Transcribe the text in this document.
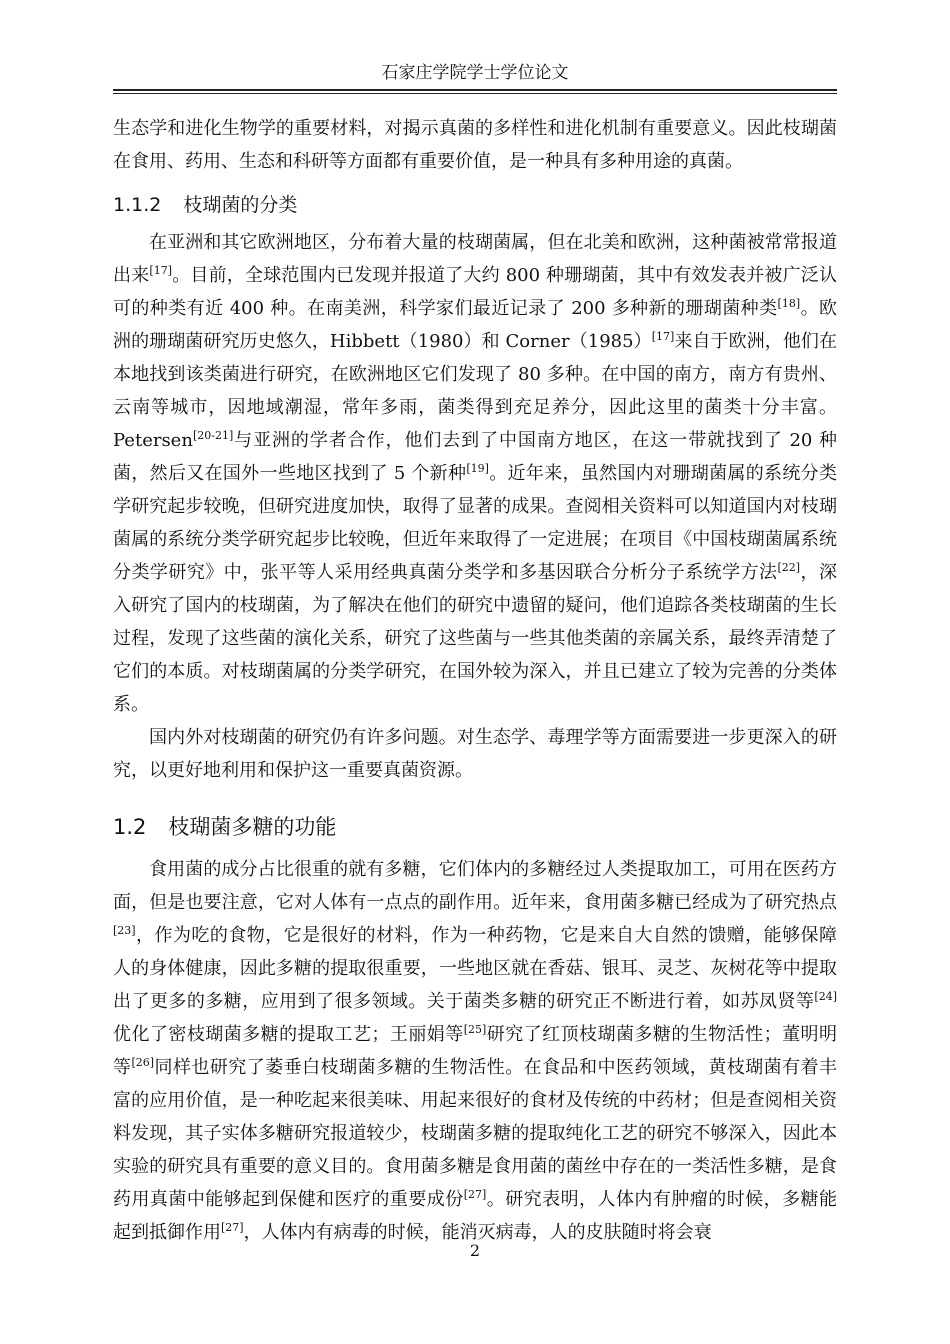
石家庄学院学士学位论文

生态学和进化生物学的重要材料，对揭示真菌的多样性和进化机制有重要意义。因此枝瑚菌在食用、药用、生态和科研等方面都有重要价值，是一种具有多种用途的真菌。

1.1.2 枝瑚菌的分类

在亚洲和其它欧洲地区，分布着大量的枝瑚菌属，但在北美和欧洲，这种菌被常常报道出来[17]。目前，全球范围内已发现并报道了大约 800 种珊瑚菌，其中有效发表并被广泛认可的种类有近 400 种。在南美洲，科学家们最近记录了 200 多种新的珊瑚菌种类[18]。欧洲的珊瑚菌研究历史悠久，Hibbett（1980）和 Corner（1985）[17]来自于欧洲，他们在本地找到该类菌进行研究，在欧洲地区它们发现了 80 多种。在中国的南方，南方有贵州、云南等城市，因地域潮湿，常年多雨，菌类得到充足养分，因此这里的菌类十分丰富。Petersen[20-21]与亚洲的学者合作，他们去到了中国南方地区，在这一带就找到了 20 种菌，然后又在国外一些地区找到了 5 个新种[19]。近年来，虽然国内对珊瑚菌属的系统分类学研究起步较晚，但研究进度加快，取得了显著的成果。查阅相关资料可以知道国内对枝瑚菌属的系统分类学研究起步比较晚，但近年来取得了一定进展；在项目《中国枝瑚菌属系统分类学研究》中，张平等人采用经典真菌分类学和多基因联合分析分子系统学方法[22]，深入研究了国内的枝瑚菌，为了解决在他们的研究中遗留的疑问，他们追踪各类枝瑚菌的生长过程，发现了这些菌的演化关系，研究了这些菌与一些其他类菌的亲属关系，最终弄清楚了它们的本质。对枝瑚菌属的分类学研究，在国外较为深入，并且已建立了较为完善的分类体系。

国内外对枝瑚菌的研究仍有许多问题。对生态学、毒理学等方面需要进一步更深入的研究，以更好地利用和保护这一重要真菌资源。

1.2 枝瑚菌多糖的功能

食用菌的成分占比很重的就有多糖，它们体内的多糖经过人类提取加工，可用在医药方面，但是也要注意，它对人体有一点点的副作用。近年来，食用菌多糖已经成为了研究热点[23]，作为吃的食物，它是很好的材料，作为一种药物，它是来自大自然的馈赠，能够保障人的身体健康，因此多糖的提取很重要，一些地区就在香菇、银耳、灵芝、灰树花等中提取出了更多的多糖，应用到了很多领域。关于菌类多糖的研究正不断进行着，如苏凤贤等[24]优化了密枝瑚菌多糖的提取工艺；王丽娟等[25]研究了红顶枝瑚菌多糖的生物活性；董明明等[26]同样也研究了萎垂白枝瑚菌多糖的生物活性。在食品和中医药领域，黄枝瑚菌有着丰富的应用价值，是一种吃起来很美味、用起来很好的食材及传统的中药材；但是查阅相关资料发现，其子实体多糖研究报道较少，枝瑚菌多糖的提取纯化工艺的研究不够深入，因此本实验的研究具有重要的意义目的。食用菌多糖是食用菌的菌丝中存在的一类活性多糖，是食药用真菌中能够起到保健和医疗的重要成份[27]。研究表明，人体内有肿瘤的时候，多糖能起到抵御作用[27]，人体内有病毒的时候，能消灭病毒，人的皮肤随时将会衰

2
